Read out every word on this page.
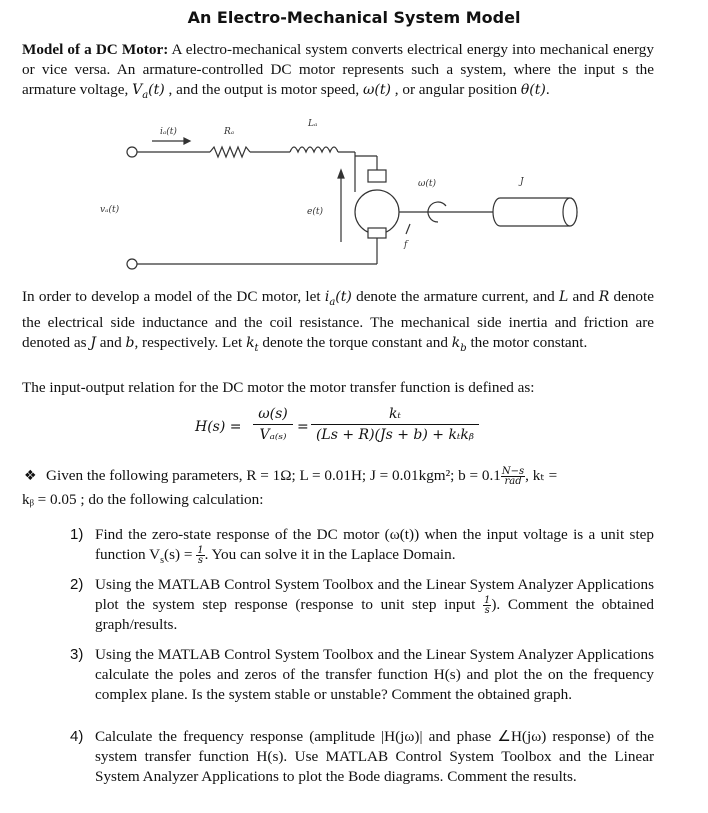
An Electro-Mechanical System Model

Model of a DC Motor: A electro-mechanical system converts electrical energy into mechanical energy or vice versa. An armature-controlled DC motor represents such a system, where the input s the armature voltage, $V_a(t)$ , and the output is motor speed, ω(t) , or angular position θ(t).

iₐ(t)	Rₐ
Lₐ
vₐ(t)	e(t)
ω(t)	J
f

In order to develop a model of the DC motor, let $i_a(t)$ denote the armature current, and L and R denote the electrical side inductance and the coil resistance. The mechanical side inertia and friction are denoted as J and b, respectively. Let $k_t$ denote the torque constant and $k_b$ the motor constant.

The input-output relation for the DC motor the motor transfer function is defined as:

H(s) =
ω(s)
Vₐ₍ₛ₎ =
kₜ
(Ls + R)(Js + b) + kₜkᵦ
❖ Given the following parameters, R = 1Ω; L = 0.01H; J = 0.01kgm²; b = 0.1 N−s
rad , kₜ =

kᵦ = 0.05 ; do the following calculation:

1) Find the zero-state response of the DC motor (ω(t)) when the input voltage is a unit step function $V_s(s) = \frac{1}{s}$ . You can solve it in the Laplace Domain.
2) Using the MATLAB Control System Toolbox and the Linear System Analyzer Applications plot the system step response (response to unit step input $\frac{1}{s}$ ). Comment the obtained graph/results.
3) Using the MATLAB Control System Toolbox and the Linear System Analyzer Applications calculate the poles and zeros of the transfer function H(s) and plot the on the frequency complex plane. Is the system stable or unstable? Comment the obtained graph.
4) Calculate the frequency response (amplitude |H(jω)| and phase ∠H(jω) response) of the system transfer function H(s). Use MATLAB Control System Toolbox and the Linear System Analyzer Applications to plot the Bode diagrams. Comment the results.
